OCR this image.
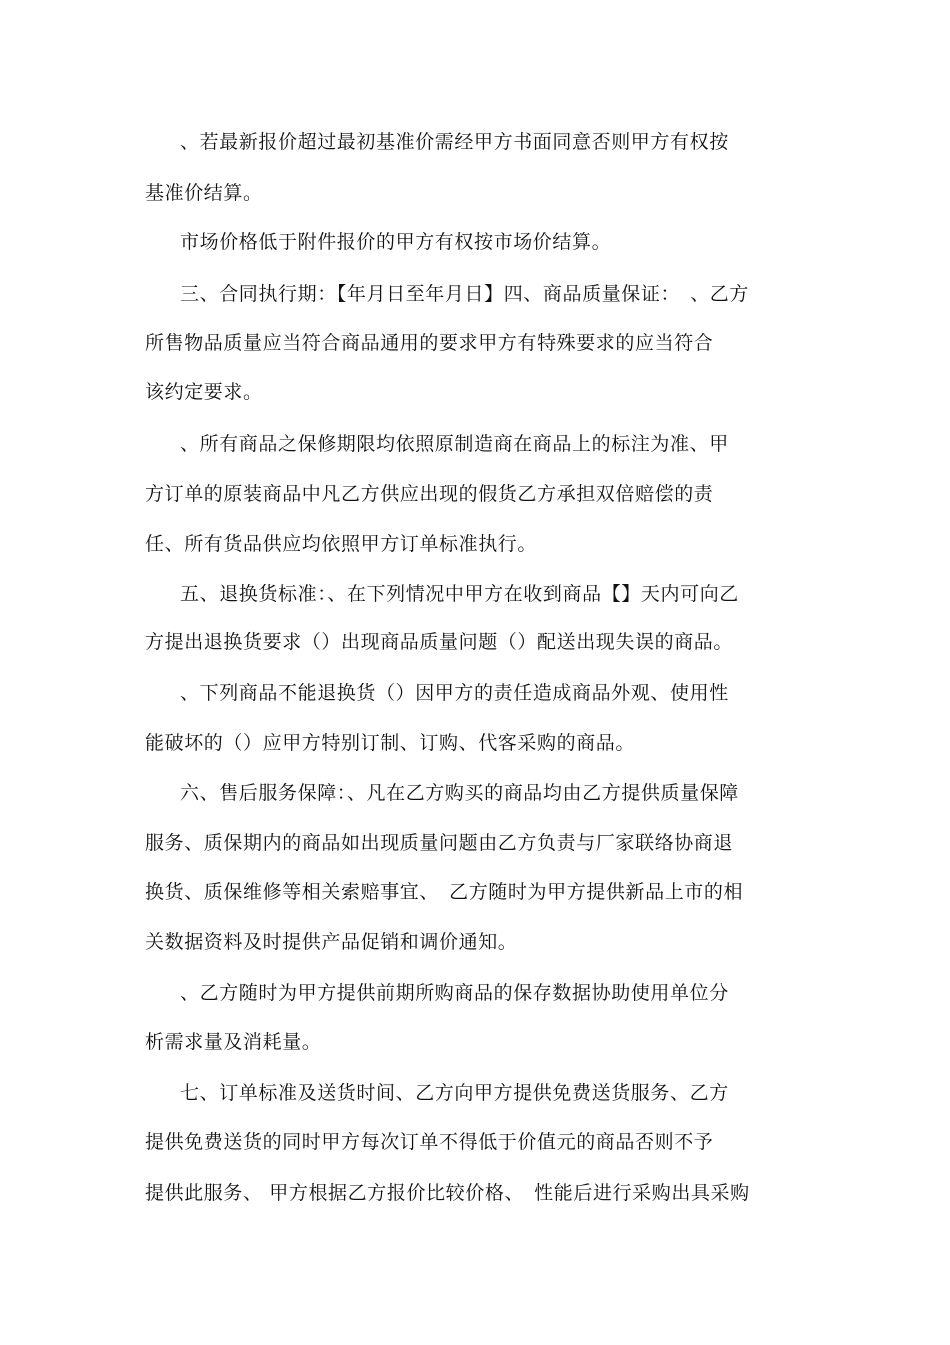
、若最新报价超过最初基准价需经甲方书面同意否则甲方有权按
基准价结算。
市场价格低于附件报价的甲方有权按市场价结算。
三、合同执行期：【年月日至年月日】四、商品质量保证：　、乙方
所售物品质量应当符合商品通用的要求甲方有特殊要求的应当符合
该约定要求。
、所有商品之保修期限均依照原制造商在商品上的标注为准、甲
方订单的原装商品中凡乙方供应出现的假货乙方承担双倍赔偿的责
任、所有货品供应均依照甲方订单标准执行。
五、退换货标准：、在下列情况中甲方在收到商品【】天内可向乙
方提出退换货要求（）出现商品质量问题（）配送出现失误的商品。
、下列商品不能退换货（）因甲方的责任造成商品外观、使用性
能破坏的（）应甲方特别订制、订购、代客采购的商品。
六、售后服务保障：、凡在乙方购买的商品均由乙方提供质量保障
服务、质保期内的商品如出现质量问题由乙方负责与厂家联络协商退
换货、质保维修等相关索赔事宜、　乙方随时为甲方提供新品上市的相
关数据资料及时提供产品促销和调价通知。
、乙方随时为甲方提供前期所购商品的保存数据协助使用单位分
析需求量及消耗量。
七、订单标准及送货时间、乙方向甲方提供免费送货服务、乙方
提供免费送货的同时甲方每次订单不得低于价值元的商品否则不予
提供此服务、 甲方根据乙方报价比较价格、　性能后进行采购出具采购
